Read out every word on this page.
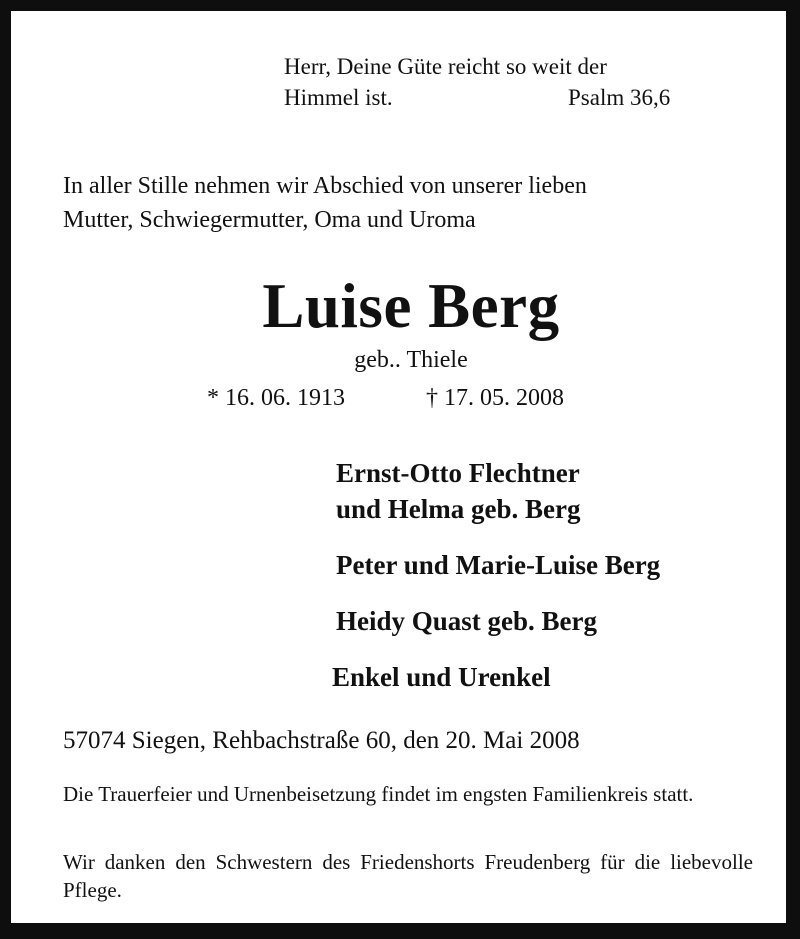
Herr, Deine Güte reicht so weit der
Himmel ist.	Psalm 36,6
In aller Stille nehmen wir Abschied von unserer lieben
Mutter, Schwiegermutter, Oma und Uroma
Luise Berg
geb.. Thiele
* 16. 06. 1913	† 17. 05. 2008
Ernst-Otto Flechtner
und Helma geb. Berg
Peter und Marie-Luise Berg
Heidy Quast geb. Berg
Enkel und Urenkel
57074 Siegen, Rehbachstraße 60, den 20. Mai 2008
Die Trauerfeier und Urnenbeisetzung findet im engsten Familienkreis statt.
Wir danken den Schwestern des Friedenshorts Freudenberg für die liebevolle Pflege.
